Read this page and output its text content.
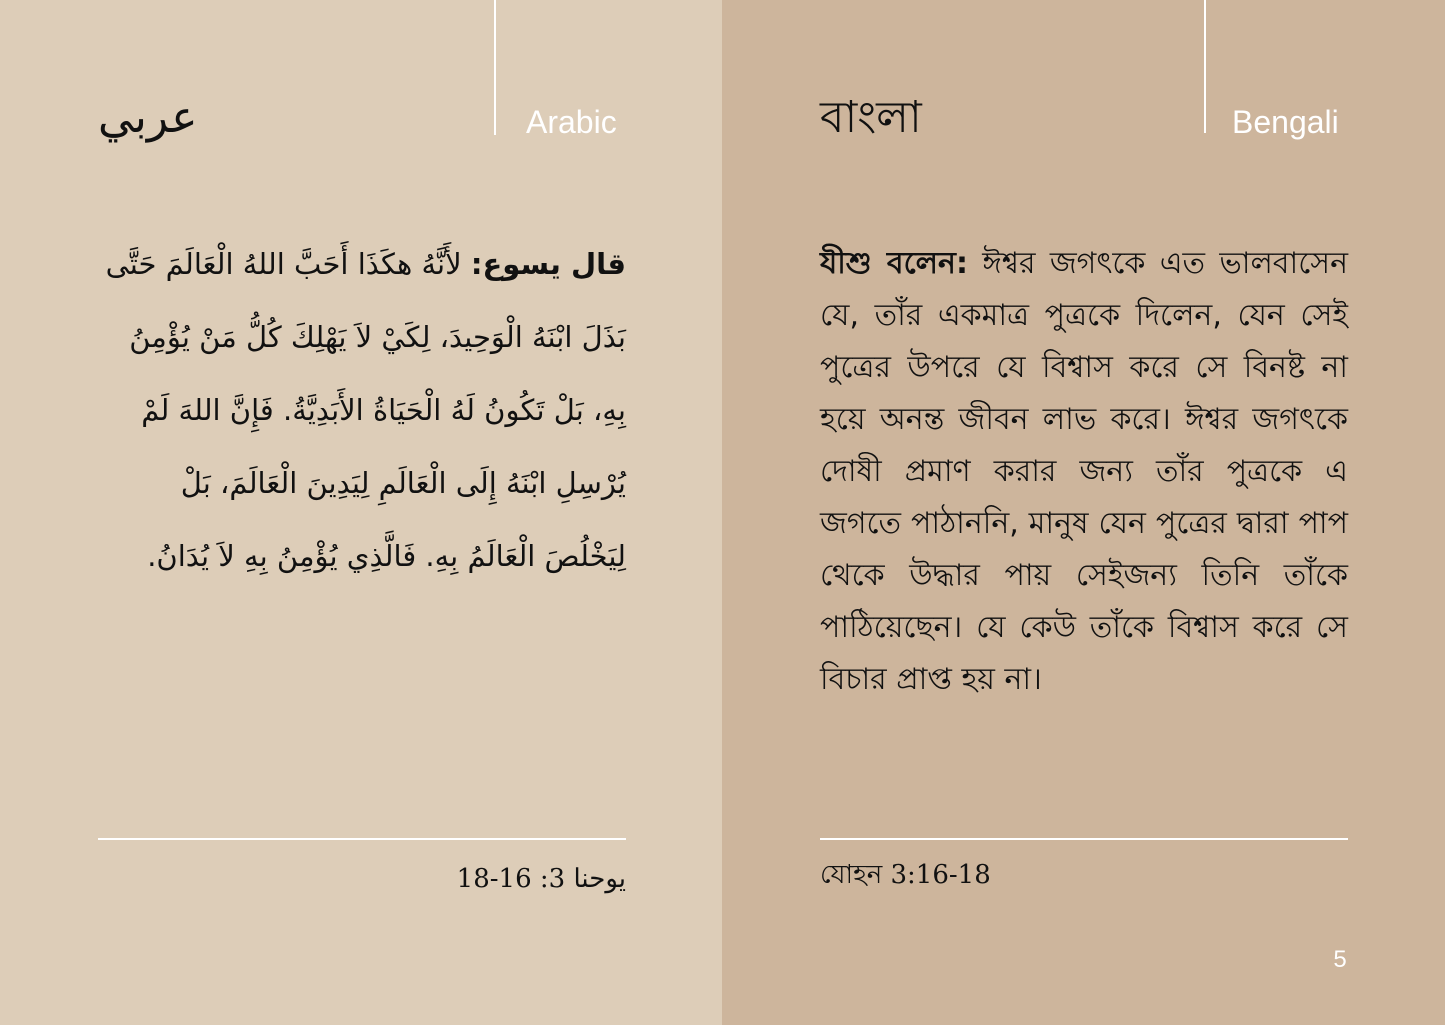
عربي	Arabic
قال يسوع: لأَنَّهُ هكَذَا أَحَبَّ اللهُ الْعَالَمَ حَتَّى بَذَلَ ابْنَهُ الْوَحِيدَ، لِكَيْ لاَ يَهْلِكَ كُلُّ مَنْ يُؤْمِنُ بِهِ، بَلْ تَكُونُ لَهُ الْحَيَاةُ الأَبَدِيَّةُ. فَإِنَّ اللهَ لَمْ يُرْسِلِ ابْنَهُ إِلَى الْعَالَمِ لِيَدِينَ الْعَالَمَ، بَلْ لِيَخْلُصَ الْعَالَمُ بِهِ. فَالَّذِي يُؤْمِنُ بِهِ لاَ يُدَانُ.
يوحنا 3: 16-18
বাংলা	Bengali
যীশু বলেন: ঈশ্বর জগৎকে এত ভালবাসেন যে, তাঁর একমাত্র পুত্রকে দিলেন, যেন সেই পুত্রের উপরে যে বিশ্বাস করে সে বিনষ্ট না হয়ে অনন্ত জীবন লাভ করে। ঈশ্বর জগৎকে দোষী প্রমাণ করার জন্য তাঁর পুত্রকে এ জগতে পাঠাননি, মানুষ যেন পুত্রের দ্বারা পাপ থেকে উদ্ধার পায় সেইজন্য তিনি তাঁকে পাঠিয়েছেন। যে কেউ তাঁকে বিশ্বাস করে সে বিচার প্রাপ্ত হয় না।
যোহন 3:16-18
5
